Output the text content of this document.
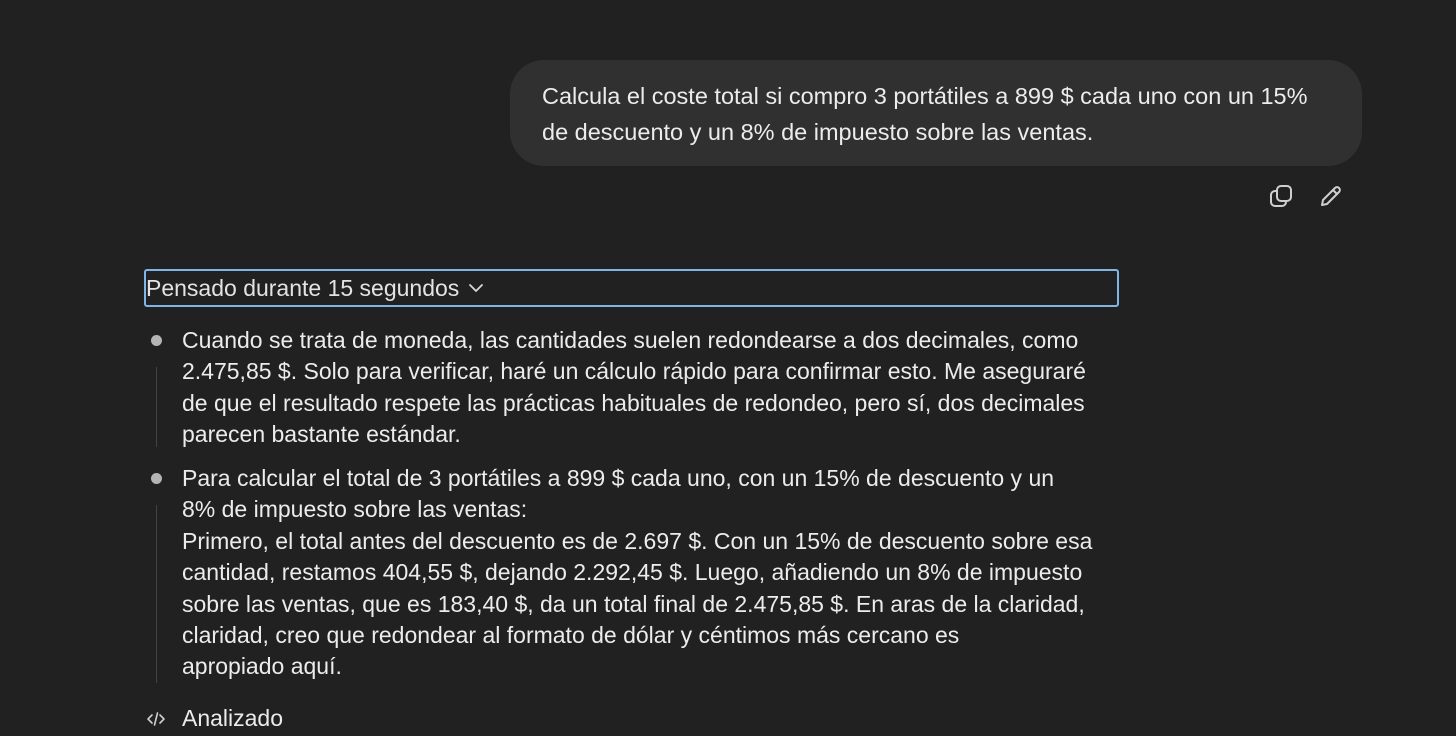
Calcula el coste total si compro 3 portátiles a 899 $ cada uno con un 15% de descuento y un 8% de impuesto sobre las ventas.
Pensado durante 15 segundos
Cuando se trata de moneda, las cantidades suelen redondearse a dos decimales, como
2.475,85 $. Solo para verificar, haré un cálculo rápido para confirmar esto. Me aseguraré
de que el resultado respete las prácticas habituales de redondeo, pero sí, dos decimales
parecen bastante estándar.
Para calcular el total de 3 portátiles a 899 $ cada uno, con un 15% de descuento y un
8% de impuesto sobre las ventas:
Primero, el total antes del descuento es de 2.697 $. Con un 15% de descuento sobre esa
cantidad, restamos 404,55 $, dejando 2.292,45 $. Luego, añadiendo un 8% de impuesto
sobre las ventas, que es 183,40 $, da un total final de 2.475,85 $. En aras de la claridad,
claridad, creo que redondear al formato de dólar y céntimos más cercano es
apropiado aquí.
Analizado
